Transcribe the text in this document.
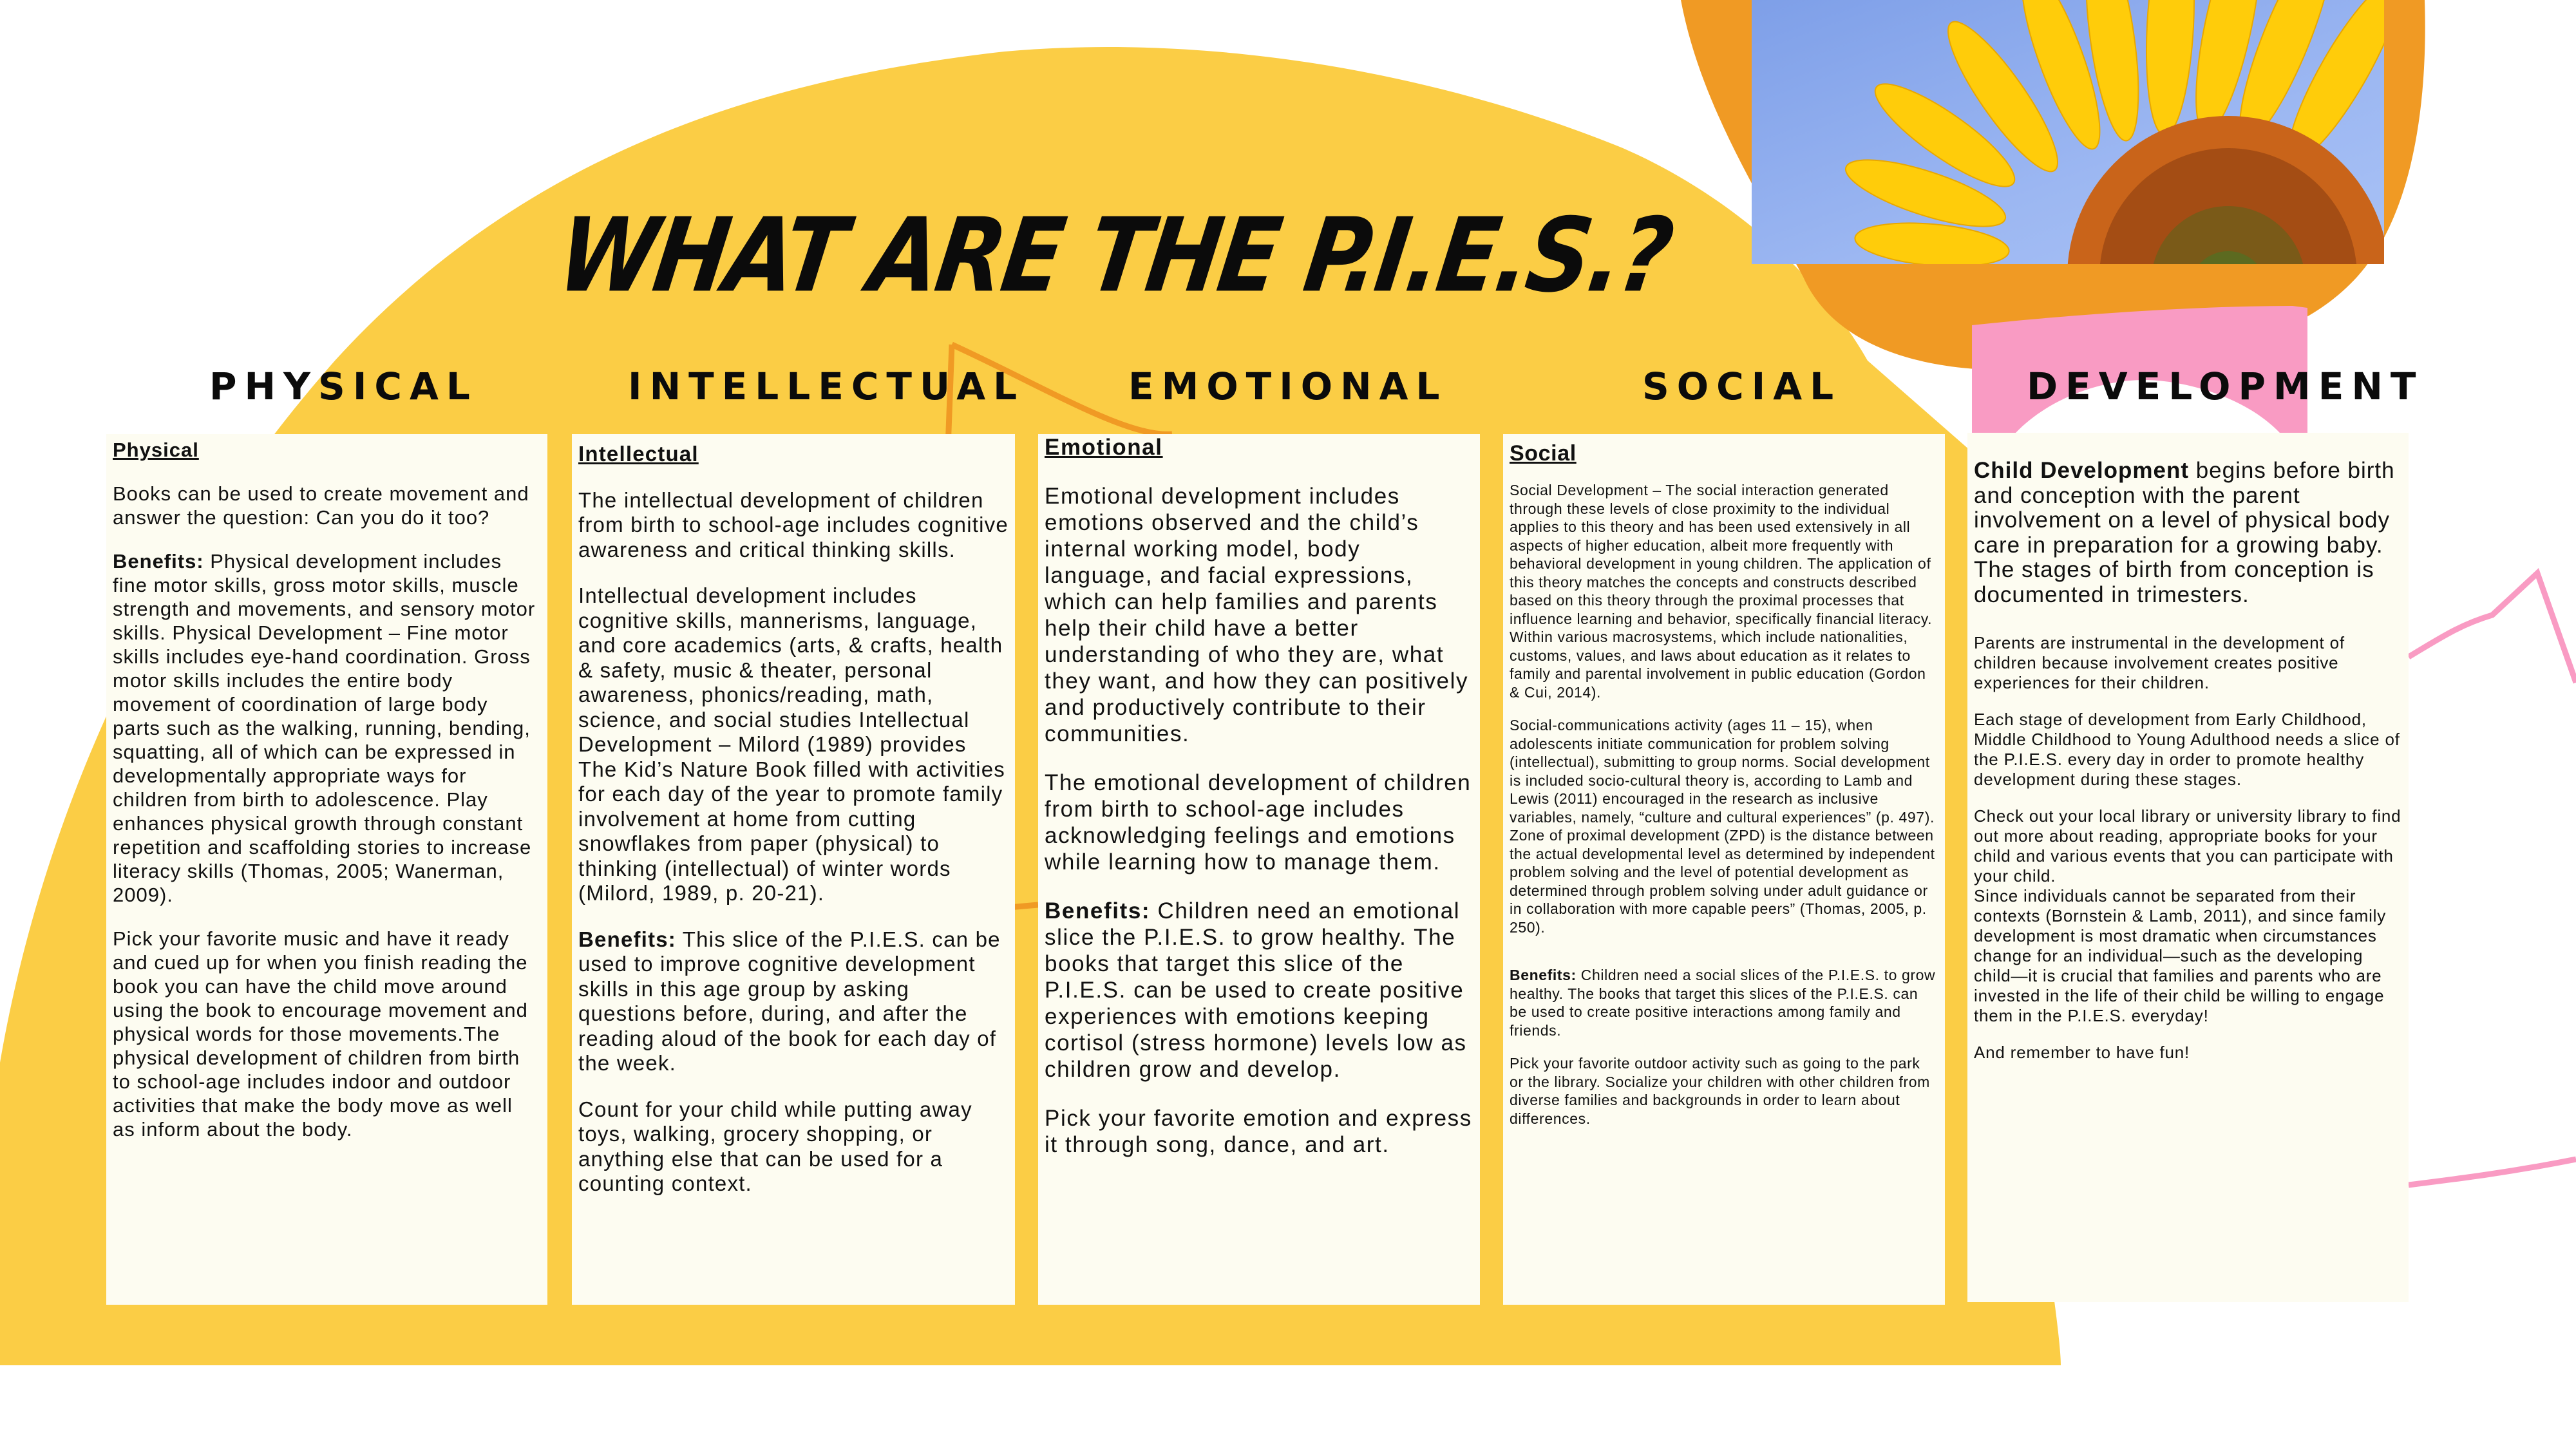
WHAT ARE THE P.I.E.S.?
PHYSICAL	INTELLECTUAL	EMOTIONAL	SOCIAL	DEVELOPMENT

Physical

Books can be used to create movement and answer the question: Can you do it too?

Benefits: Physical development includes fine motor skills, gross motor skills, muscle strength and movements, and sensory motor skills. Physical Development – Fine motor skills includes eye-hand coordination. Gross motor skills includes the entire body movement of coordination of large body parts such as the walking, running, bending, squatting, all of which can be expressed in developmentally appropriate ways for children from birth to adolescence. Play enhances physical growth through constant repetition and scaffolding stories to increase literacy skills (Thomas, 2005; Wanerman, 2009).

Pick your favorite music and have it ready and cued up for when you finish reading the book you can have the child move around using the book to encourage movement and physical words for those movements.The physical development of children from birth to school-age includes indoor and outdoor activities that make the body move as well as inform about the body.

Intellectual

The intellectual development of children from birth to school-age includes cognitive awareness and critical thinking skills.

Intellectual development includes cognitive skills, mannerisms, language, and core academics (arts, & crafts, health & safety, music & theater, personal awareness, phonics/reading, math, science, and social studies Intellectual Development – Milord (1989) provides The Kid’s Nature Book filled with activities for each day of the year to promote family involvement at home from cutting snowflakes from paper (physical) to thinking (intellectual) of winter words (Milord, 1989, p. 20-21).

Benefits: This slice of the P.I.E.S. can be used to improve cognitive development skills in this age group by asking questions before, during, and after the reading aloud of the book for each day of the week.

Count for your child while putting away toys, walking, grocery shopping, or anything else that can be used for a counting context.

Emotional

Emotional development includes emotions observed and the child’s internal working model, body language, and facial expressions, which can help families and parents help their child have a better understanding of who they are, what they want, and how they can positively and productively contribute to their communities.

The emotional development of children from birth to school-age includes acknowledging feelings and emotions while learning how to manage them.

Benefits: Children need an emotional slice the P.I.E.S. to grow healthy. The books that target this slice of the P.I.E.S. can be used to create positive experiences with emotions keeping cortisol (stress hormone) levels low as children grow and develop.

Pick your favorite emotion and express it through song, dance, and art.

Social

Social Development – The social interaction generated through these levels of close proximity to the individual applies to this theory and has been used extensively in all aspects of higher education, albeit more frequently with behavioral development in young children. The application of this theory matches the concepts and constructs described based on this theory through the proximal processes that influence learning and behavior, specifically financial literacy. Within various macrosystems, which include nationalities, customs, values, and laws about education as it relates to family and parental involvement in public education (Gordon & Cui, 2014).

Social-communications activity (ages 11 – 15), when adolescents initiate communication for problem solving (intellectual), submitting to group norms. Social development is included socio-cultural theory is, according to Lamb and Lewis (2011) encouraged in the research as inclusive variables, namely, “culture and cultural experiences” (p. 497). Zone of proximal development (ZPD) is the distance between the actual developmental level as determined by independent problem solving and the level of potential development as determined through problem solving under adult guidance or in collaboration with more capable peers” (Thomas, 2005, p. 250).

Benefits: Children need a social slices of the P.I.E.S. to grow healthy. The books that target this slices of the P.I.E.S. can be used to create positive interactions among family and friends.

Pick your favorite outdoor activity such as going to the park or the library. Socialize your children with other children from diverse families and backgrounds in order to learn about differences.

Child Development begins before birth and conception with the parent involvement on a level of physical body care in preparation for a growing baby. The stages of birth from conception is documented in trimesters.

Parents are instrumental in the development of children because involvement creates positive experiences for their children.

Each stage of development from Early Childhood, Middle Childhood to Young Adulthood needs a slice of the P.I.E.S. every day in order to promote healthy development during these stages.

Check out your local library or university library to find out more about reading, appropriate books for your child and various events that you can participate with your child.

Since individuals cannot be separated from their contexts (Bornstein & Lamb, 2011), and since family development is most dramatic when circumstances change for an individual—such as the developing child—it is crucial that families and parents who are invested in the life of their child be willing to engage them in the P.I.E.S. everyday!

And remember to have fun!
